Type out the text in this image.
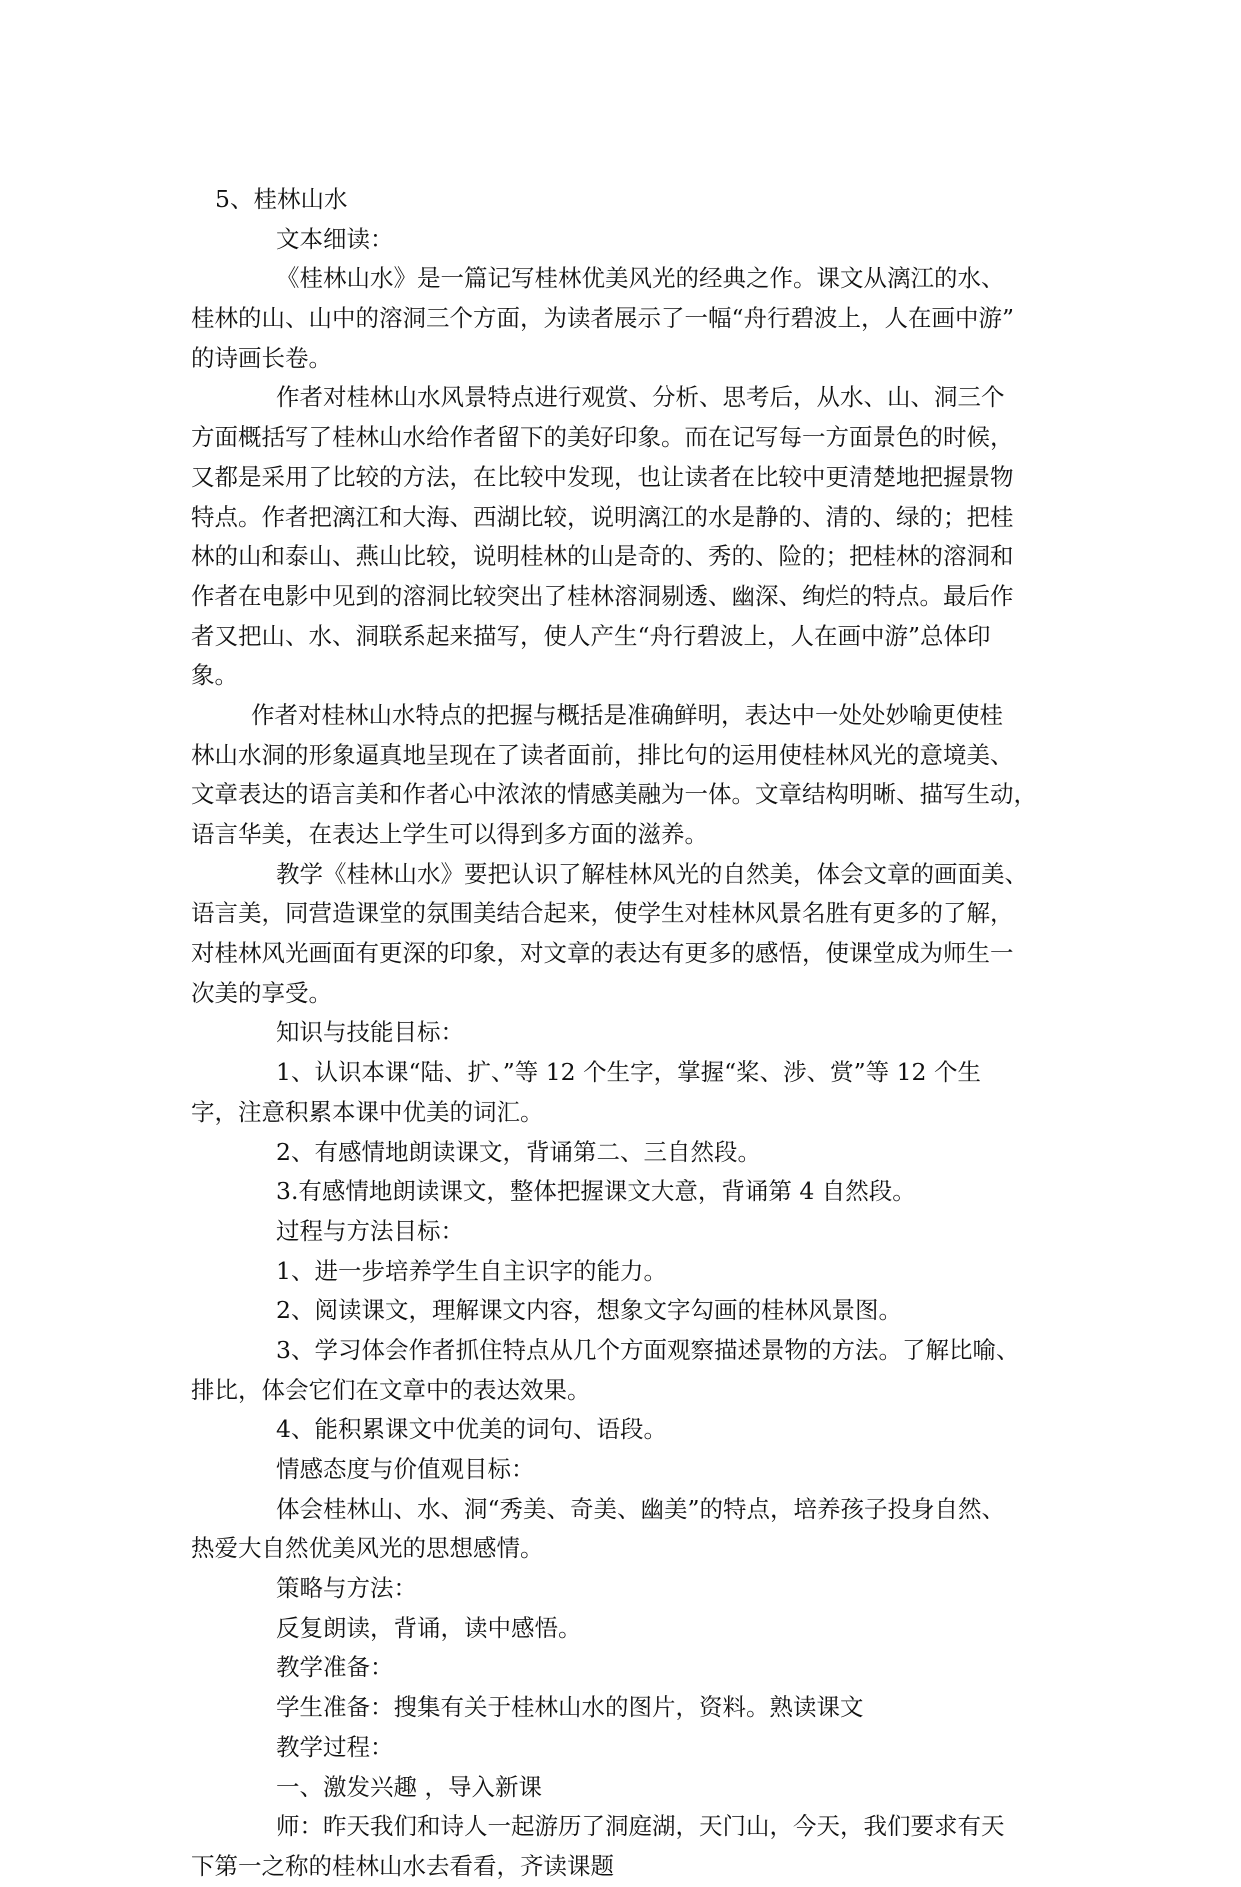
5、桂林山水
文本细读：
《桂林山水》是一篇记写桂林优美风光的经典之作。课文从漓江的水、
桂林的山、山中的溶洞三个方面，为读者展示了一幅“舟行碧波上，人在画中游”
的诗画长卷。
作者对桂林山水风景特点进行观赏、分析、思考后，从水、山、洞三个
方面概括写了桂林山水给作者留下的美好印象。而在记写每一方面景色的时候，
又都是采用了比较的方法，在比较中发现，也让读者在比较中更清楚地把握景物
特点。作者把漓江和大海、西湖比较，说明漓江的水是静的、清的、绿的；把桂
林的山和泰山、燕山比较，说明桂林的山是奇的、秀的、险的；把桂林的溶洞和
作者在电影中见到的溶洞比较突出了桂林溶洞剔透、幽深、绚烂的特点。最后作
者又把山、水、洞联系起来描写，使人产生“舟行碧波上，人在画中游”总体印
象。
作者对桂林山水特点的把握与概括是准确鲜明，表达中一处处妙喻更使桂
林山水洞的形象逼真地呈现在了读者面前，排比句的运用使桂林风光的意境美、
文章表达的语言美和作者心中浓浓的情感美融为一体。文章结构明晰、描写生动，
语言华美，在表达上学生可以得到多方面的滋养。
教学《桂林山水》要把认识了解桂林风光的自然美，体会文章的画面美、
语言美，同营造课堂的氛围美结合起来，使学生对桂林风景名胜有更多的了解，
对桂林风光画面有更深的印象，对文章的表达有更多的感悟，使课堂成为师生一
次美的享受。
知识与技能目标：
1、认识本课“陆、扩、”等 12 个生字，掌握“桨、涉、赏”等 12 个生
字，注意积累本课中优美的词汇。
2、有感情地朗读课文，背诵第二、三自然段。
3.有感情地朗读课文，整体把握课文大意，背诵第 4 自然段。
过程与方法目标：
1、进一步培养学生自主识字的能力。
2、阅读课文，理解课文内容，想象文字勾画的桂林风景图。
3、学习体会作者抓住特点从几个方面观察描述景物的方法。了解比喻、
排比，体会它们在文章中的表达效果。
4、能积累课文中优美的词句、语段。
情感态度与价值观目标：
体会桂林山、水、洞“秀美、奇美、幽美”的特点，培养孩子投身自然、
热爱大自然优美风光的思想感情。
策略与方法：
反复朗读，背诵，读中感悟。
教学准备：
学生准备：搜集有关于桂林山水的图片，资料。熟读课文
教学过程：
一、激发兴趣 ，导入新课
师：昨天我们和诗人一起游历了洞庭湖，天门山，今天，我们要求有天
下第一之称的桂林山水去看看，齐读课题
